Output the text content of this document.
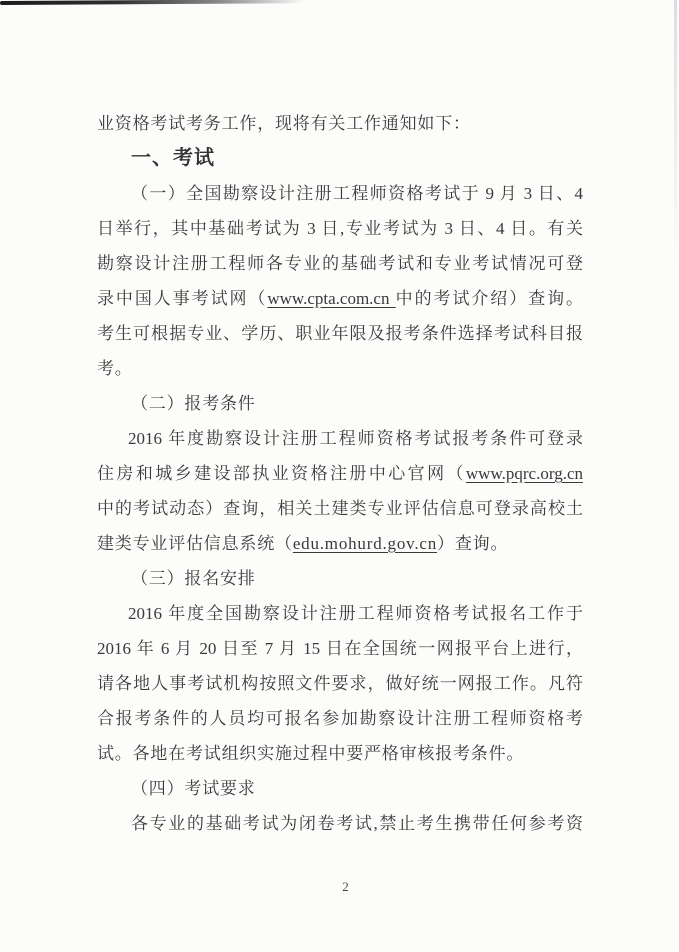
业资格考试考务工作，现将有关工作通知如下：
一、考试
（一）全国勘察设计注册工程师资格考试于 9 月 3 日、4
日举行，其中基础考试为 3 日,专业考试为 3 日、4 日。有关
勘察设计注册工程师各专业的基础考试和专业考试情况可登
录中国人事考试网（www.cpta.com.cn 中的考试介绍）查询。
考生可根据专业、学历、职业年限及报考条件选择考试科目报
考。
（二）报考条件
2016 年度勘察设计注册工程师资格考试报考条件可登录
住房和城乡建设部执业资格注册中心官网（www.pqrc.org.cn
中的考试动态）查询，相关土建类专业评估信息可登录高校土
建类专业评估信息系统（edu.mohurd.gov.cn）查询。
（三）报名安排
2016 年度全国勘察设计注册工程师资格考试报名工作于
2016 年 6 月 20 日至 7 月 15 日在全国统一网报平台上进行，
请各地人事考试机构按照文件要求，做好统一网报工作。凡符
合报考条件的人员均可报名参加勘察设计注册工程师资格考
试。各地在考试组织实施过程中要严格审核报考条件。
（四）考试要求
各专业的基础考试为闭卷考试,禁止考生携带任何参考资
2
